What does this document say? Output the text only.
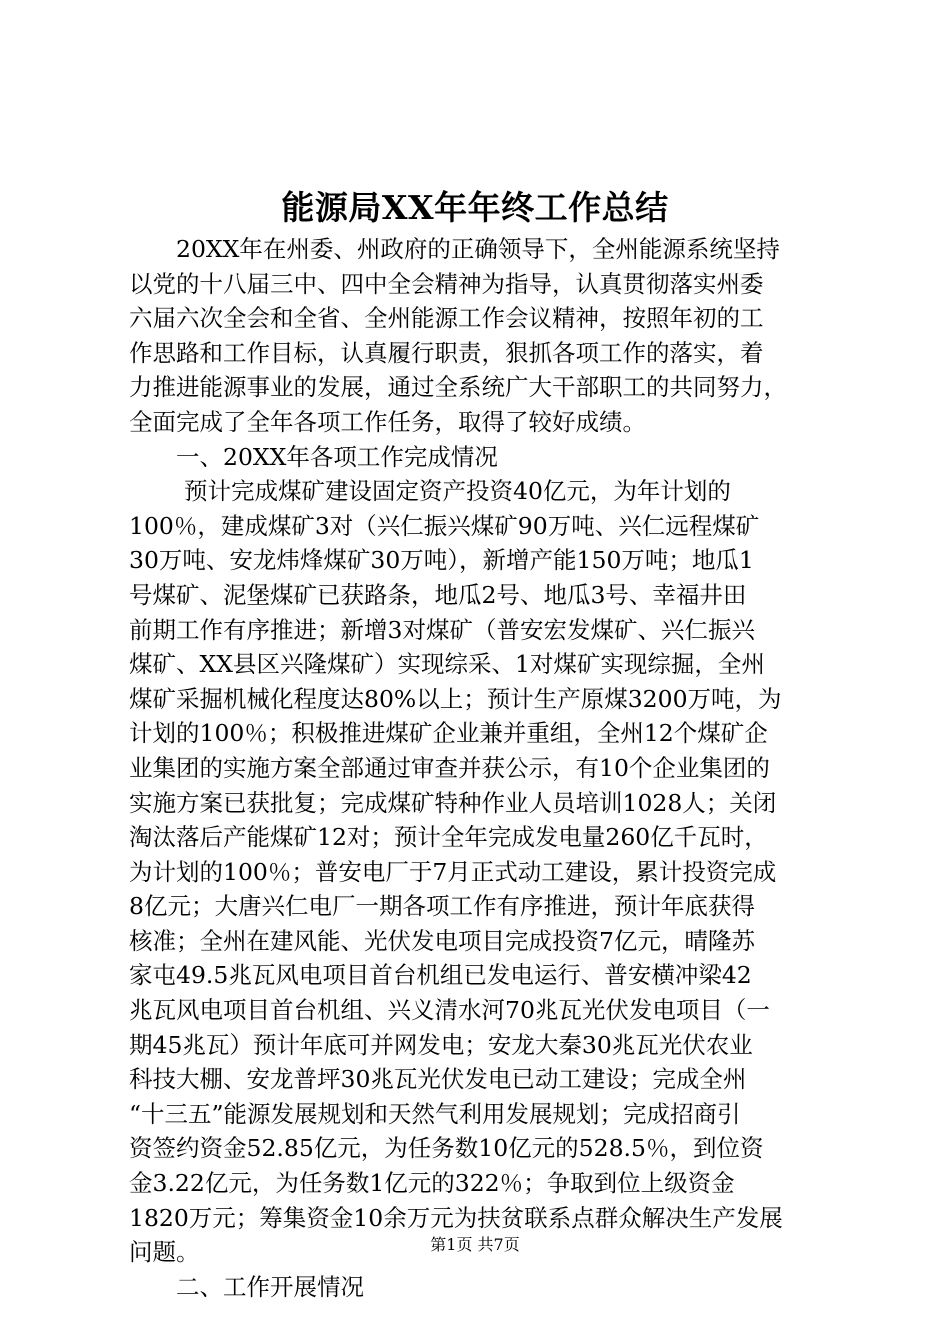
能源局XX年年终工作总结
20XX年在州委、州政府的正确领导下，全州能源系统坚持
以党的十八届三中、四中全会精神为指导，认真贯彻落实州委
六届六次全会和全省、全州能源工作会议精神，按照年初的工
作思路和工作目标，认真履行职责，狠抓各项工作的落实，着
力推进能源事业的发展，通过全系统广大干部职工的共同努力，
全面完成了全年各项工作任务，取得了较好成绩。
一、20XX年各项工作完成情况
预计完成煤矿建设固定资产投资40亿元，为年计划的
100％，建成煤矿3对（兴仁振兴煤矿90万吨、兴仁远程煤矿
30万吨、安龙炜烽煤矿30万吨），新增产能150万吨；地瓜1
号煤矿、泥堡煤矿已获路条，地瓜2号、地瓜3号、幸福井田
前期工作有序推进；新增3对煤矿（普安宏发煤矿、兴仁振兴
煤矿、XX县区兴隆煤矿）实现综采、1对煤矿实现综掘，全州
煤矿采掘机械化程度达80%以上；预计生产原煤3200万吨，为
计划的100％；积极推进煤矿企业兼并重组，全州12个煤矿企
业集团的实施方案全部通过审查并获公示，有10个企业集团的
实施方案已获批复；完成煤矿特种作业人员培训1028人；关闭
淘汰落后产能煤矿12对；预计全年完成发电量260亿千瓦时，
为计划的100％；普安电厂于7月正式动工建设，累计投资完成
8亿元；大唐兴仁电厂一期各项工作有序推进，预计年底获得
核准；全州在建风能、光伏发电项目完成投资7亿元，晴隆苏
家屯49.5兆瓦风电项目首台机组已发电运行、普安横冲梁42
兆瓦风电项目首台机组、兴义清水河70兆瓦光伏发电项目（一
期45兆瓦）预计年底可并网发电；安龙大秦30兆瓦光伏农业
科技大棚、安龙普坪30兆瓦光伏发电已动工建设；完成全州
“十三五”能源发展规划和天然气利用发展规划；完成招商引
资签约资金52.85亿元，为任务数10亿元的528.5％，到位资
金3.22亿元，为任务数1亿元的322％；争取到位上级资金
1820万元；筹集资金10余万元为扶贫联系点群众解决生产发展
问题。
二、工作开展情况
第1页 共7页
